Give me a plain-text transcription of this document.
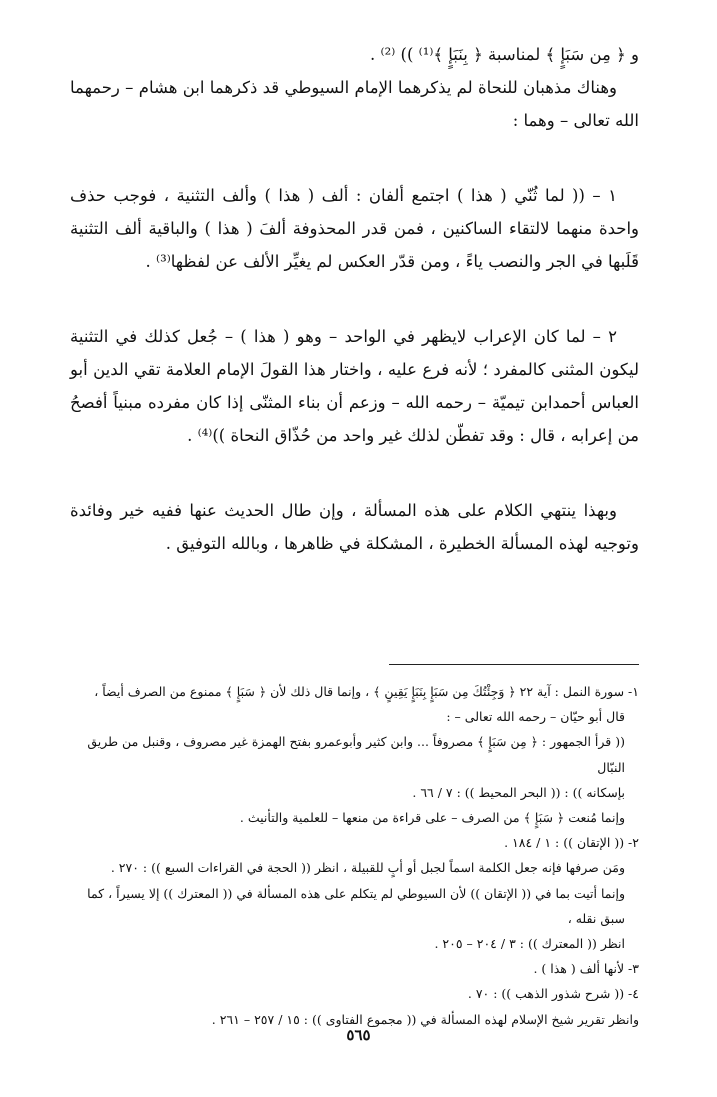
و ﴿ مِن سَبَإٍ ﴾ لمناسبة ﴿ بِنَبَإٍ ﴾⁽¹⁾ )) ⁽²⁾ .

وهناك مذهبان للنحاة لم يذكرهما الإمام السيوطي قد ذكرهما ابن هشام – رحمهما الله تعالى – وهما :

١ – (( لما ثُنّي ( هذا ) اجتمع ألفان : ألف ( هذا ) وألف التثنية ، فوجب حذف واحدة منهما لالتقاء الساكنين ، فمن قدر المحذوفة ألفَ ( هذا ) والباقية ألف التثنية قَلَبها في الجر والنصب ياءً ، ومن قدّر العكس لم يغيِّر الألف عن لفظها⁽³⁾ .

٢ – لما كان الإعراب لايظهر في الواحد – وهو ( هذا ) – جُعل كذلك في التثنية ليكون المثنى كالمفرد ؛ لأنه فرع عليه ، واختار هذا القولَ الإمام العلامة تقي الدين أبو العباس أحمدابن تيميّة – رحمه الله – وزعم أن بناء المثنّى إذا كان مفرده مبنياً أفصحُ من إعرابه ، قال : وقد تفطّن لذلك غير واحد من حُذّاق النحاة ))⁽⁴⁾ .

وبهذا ينتهي الكلام على هذه المسألة ، وإن طال الحديث عنها ففيه خير وفائدة وتوجيه لهذه المسألة الخطيرة ، المشكلة في ظاهرها ، وبالله التوفيق .

١- سورة النمل : آية ٢٢ ﴿ وَجِئْتُكَ مِن سَبَإٍ بِنَبَإٍ يَقِينٍ ﴾ ، وإنما قال ذلك لأن ﴿ سَبَإٍ ﴾ ممنوع من الصرف أيضاً ،

قال أبو حيّان – رحمه الله تعالى – :

(( قرأ الجمهور : ﴿ مِن سَبَإٍ ﴾ مصروفاً ... وابن كثير وأبوعمرو بفتح الهمزة غير مصروف ، وقنبل من طريق النبّال

بإسكانه )) : (( البحر المحيط )) : ٧ / ٦٦ .

وإنما مُنعت ﴿ سَبَإٍ ﴾ من الصرف – على قراءة من منعها – للعلمية والتأنيث .

٢- (( الإتقان )) : ١ / ١٨٤ .

ومَن صرفها فإنه جعل الكلمة اسماً لجبل أو أبٍ للقبيلة ، انظر (( الحجة في القراءات السبع )) : ٢٧٠ .

وإنما أتيت بما في (( الإتقان )) لأن السيوطي لم يتكلم على هذه المسألة في (( المعترك )) إلا يسيراً ، كما سبق نقله ،

انظر (( المعترك )) : ٣ / ٢٠٤ – ٢٠٥ .

٣- لأنها ألف ( هذا ) .

٤- (( شرح شذور الذهب )) : ٧٠ .

وانظر تقرير شيخ الإسلام لهذه المسألة في (( مجموع الفتاوى )) : ١٥ / ٢٥٧ – ٢٦١ .

٥٦٥
